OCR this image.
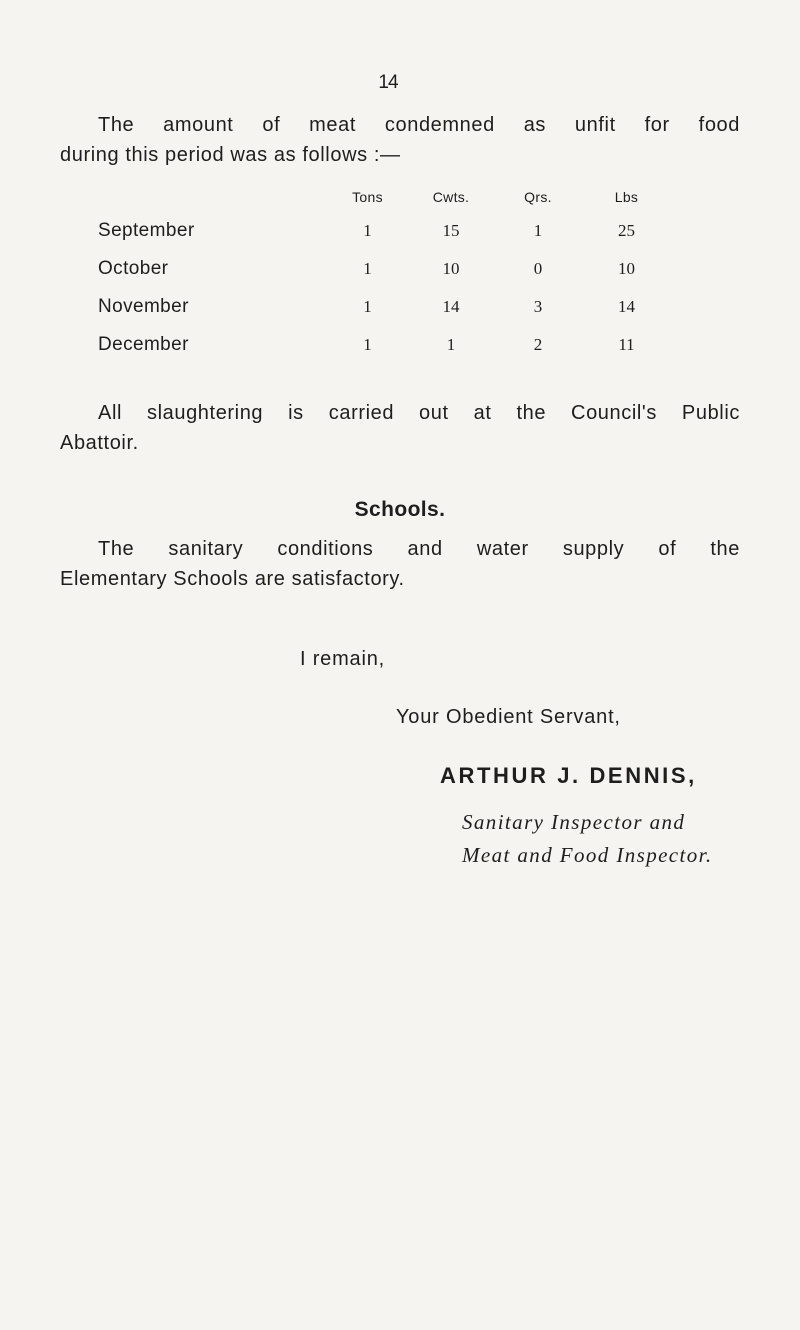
14
The amount of meat condemned as unfit for food
during this period was as follows :—
	Tons	Cwts.	Qrs.	Lbs
September	1	15	1	25
October	1	10	0	10
November	1	14	3	14
December	1	1	2	11
All slaughtering is carried out at the Council's Public
Abattoir.
Schools.
The sanitary conditions and water supply of the
Elementary Schools are satisfactory.
I remain,
Your Obedient Servant,
ARTHUR J. DENNIS,
Sanitary Inspector and
Meat and Food Inspector.
